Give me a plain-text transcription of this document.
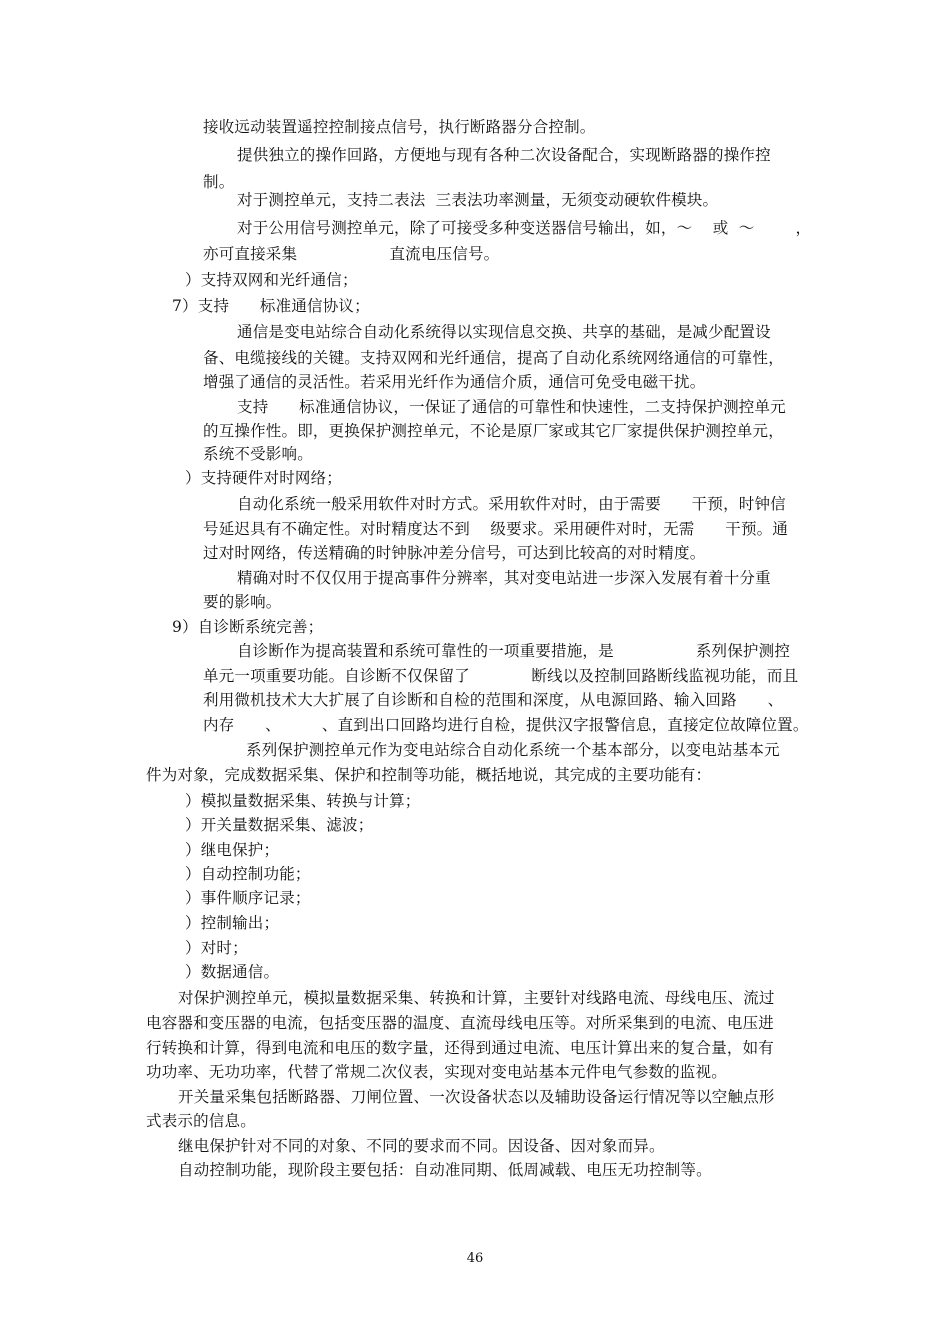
接收远动装置遥控控制接点信号，执行断路器分合控制。
提供独立的操作回路，方便地与现有各种二次设备配合，实现断路器的操作控
制。
对于测控单元，支持二表法  三表法功率测量，无须变动硬软件模块。
对于公用信号测控单元，除了可接受多种变送器信号输出，如，～    或  ～        ，
亦可直接采集                  直流电压信号。
）支持双网和光纤通信；
7）支持      标准通信协议；
通信是变电站综合自动化系统得以实现信息交换、共享的基础，是减少配置设
备、电缆接线的关键。支持双网和光纤通信，提高了自动化系统网络通信的可靠性，
增强了通信的灵活性。若采用光纤作为通信介质，通信可免受电磁干扰。
支持      标准通信协议，一保证了通信的可靠性和快速性，二支持保护测控单元
的互操作性。即，更换保护测控单元，不论是原厂家或其它厂家提供保护测控单元，
系统不受影响。
）支持硬件对时网络；
自动化系统一般采用软件对时方式。采用软件对时，由于需要      干预，时钟信
号延迟具有不确定性。对时精度达不到    级要求。采用硬件对时，无需      干预。通
过对时网络，传送精确的时钟脉冲差分信号，可达到比较高的对时精度。
精确对时不仅仅用于提高事件分辨率，其对变电站进一步深入发展有着十分重
要的影响。
9）自诊断系统完善；
自诊断作为提高装置和系统可靠性的一项重要措施，是                系列保护测控
单元一项重要功能。自诊断不仅保留了            断线以及控制回路断线监视功能，而且
利用微机技术大大扩展了自诊断和自检的范围和深度，从电源回路、输入回路      、
内存      、        、直到出口回路均进行自检，提供汉字报警信息，直接定位故障位置。
系列保护测控单元作为变电站综合自动化系统一个基本部分，以变电站基本元
件为对象，完成数据采集、保护和控制等功能，概括地说，其完成的主要功能有：
）模拟量数据采集、转换与计算；
）开关量数据采集、滤波；
）继电保护；
）自动控制功能；
）事件顺序记录；
）控制输出；
）对时；
）数据通信。
对保护测控单元，模拟量数据采集、转换和计算，主要针对线路电流、母线电压、流过
电容器和变压器的电流，包括变压器的温度、直流母线电压等。对所采集到的电流、电压进
行转换和计算，得到电流和电压的数字量，还得到通过电流、电压计算出来的复合量，如有
功功率、无功功率，代替了常规二次仪表，实现对变电站基本元件电气参数的监视。
开关量采集包括断路器、刀闸位置、一次设备状态以及辅助设备运行情况等以空触点形
式表示的信息。
继电保护针对不同的对象、不同的要求而不同。因设备、因对象而异。
自动控制功能，现阶段主要包括：自动准同期、低周减载、电压无功控制等。
46
